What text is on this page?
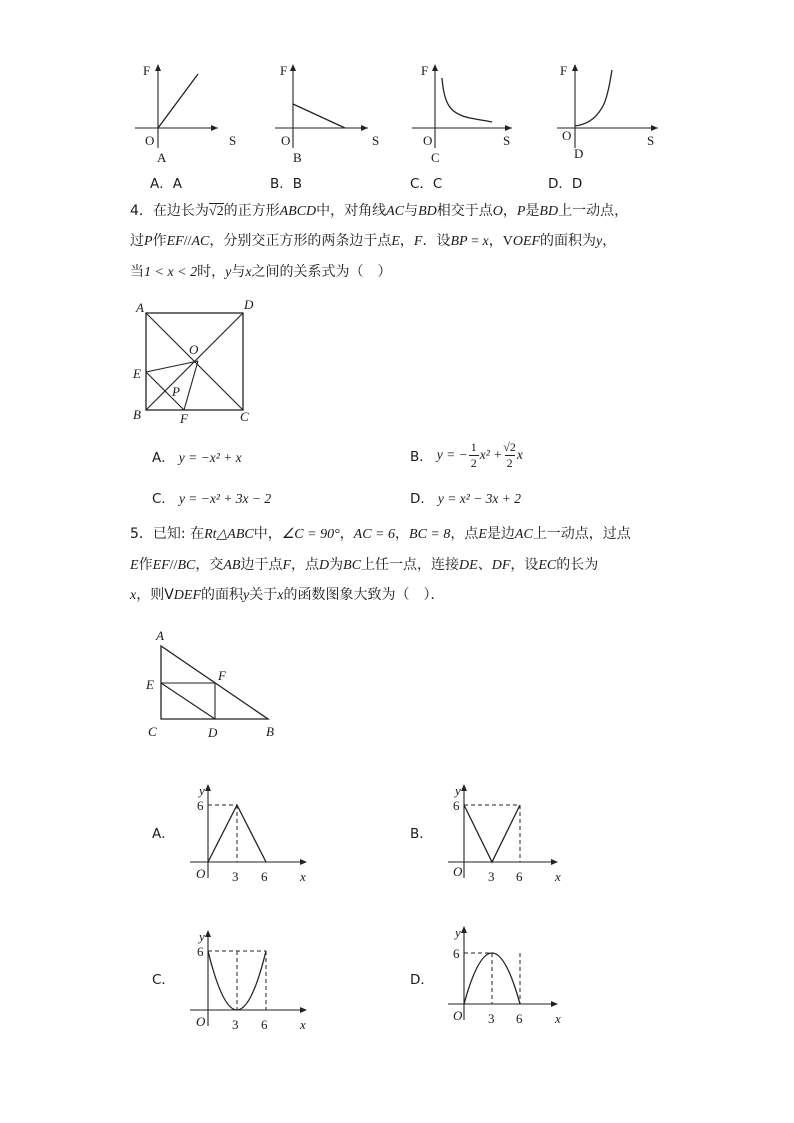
F
O	S
A
F
O	S
B
F
O	S
C
F
O	S
D
A．A	B．B	C．C	D．D
4．在边长为√2的正方形ABCD中，对角线AC与BD相交于点O，P是BD上一动点，
过P作EF//AC，分别交正方形的两条边于点E，F．设BP = x，VOEF的面积为y，
当1 < x < 2时，y与x之间的关系式为（　）
A	D
O
E
P
B	F	C
A． y = −x² + x	B． y = − $\frac{1}{2} x^2 + \frac{√2}{2}$ x
C． y = −x² + 3x − 2	D． y = x² − 3x + 2
5．已知: 在Rt△ABC中，∠C = 90°，AC = 6，BC = 8，点E是边AC上一动点，过点
E作EF//BC，交AB边于点F，点D为BC上任一点，连接DE、DF，设EC的长为
x，则VDEF的面积y关于x的函数图象大致为（　）．
A
E
F
C	D	B
y
6
O 3 6	x
y
6
O 3 6	x
y
6
O 3 6	x
y
6
O 3 6	x
A．	B．
C．	D．
